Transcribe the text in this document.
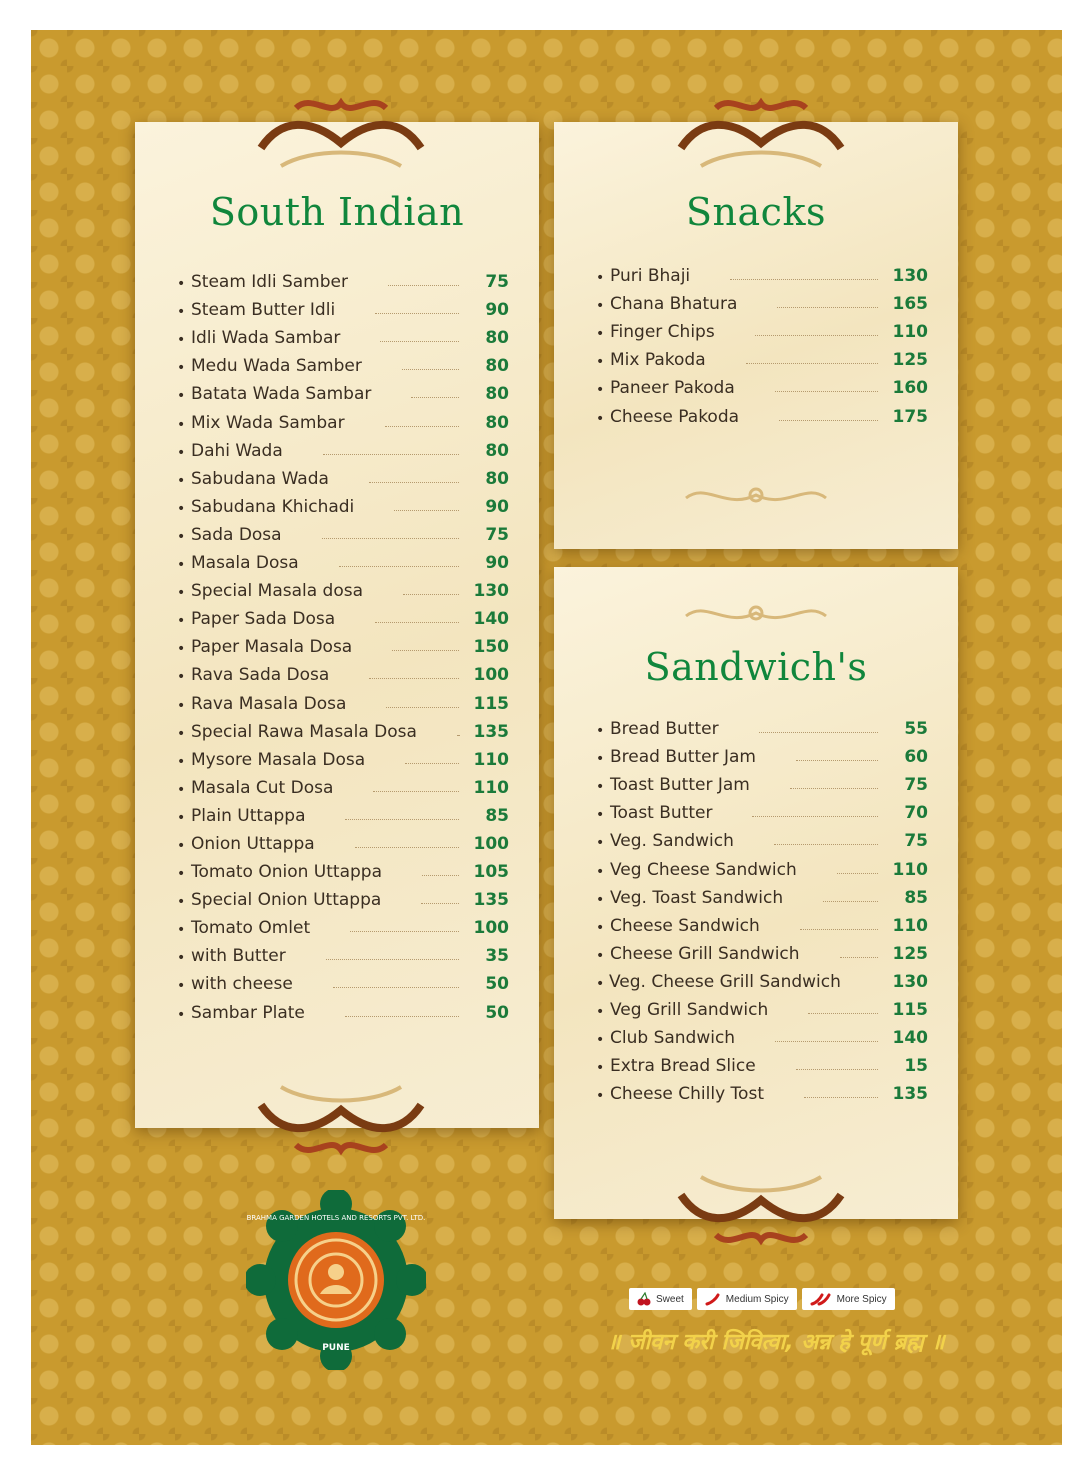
South Indian
• Steam Idli Samber	75
• Steam Butter Idli	90
• Idli Wada Sambar	80
• Medu Wada Samber	80
• Batata Wada Sambar	80
• Mix Wada Sambar	80
• Dahi Wada	80
• Sabudana Wada	80
• Sabudana Khichadi	90
• Sada Dosa	75
• Masala Dosa	90
• Special Masala dosa	130
• Paper Sada Dosa	140
• Paper Masala Dosa	150
• Rava Sada Dosa	100
• Rava Masala Dosa	115
• Special Rawa Masala Dosa	135
• Mysore Masala Dosa	110
• Masala Cut Dosa	110
• Plain Uttappa	85
• Onion Uttappa	100
• Tomato Onion Uttappa	105
• Special Onion Uttappa	135
• Tomato Omlet	100
• with Butter	35
• with cheese	50
• Sambar Plate	50
Snacks
• Puri Bhaji	130
• Chana Bhatura	165
• Finger Chips	110
• Mix Pakoda	125
• Paneer Pakoda	160
• Cheese Pakoda	175
Sandwich's
• Bread Butter	55
• Bread Butter Jam	60
• Toast Butter Jam	75
• Toast Butter	70
• Veg. Sandwich	75
• Veg Cheese Sandwich	110
• Veg. Toast Sandwich	85
• Cheese Sandwich	110
• Cheese Grill Sandwich	125
• Veg. Cheese Grill Sandwich	130
• Veg Grill Sandwich	115
• Club Sandwich	140
• Extra Bread Slice	15
• Cheese Chilly Tost	135
BRAHMA GARDEN HOTELS AND RESORTS PVT. LTD.
PUNE
Sweet	Medium Spicy	More Spicy
॥ जीवन करी जिवित्वा, अन्न हे पूर्ण ब्रह्म ॥
